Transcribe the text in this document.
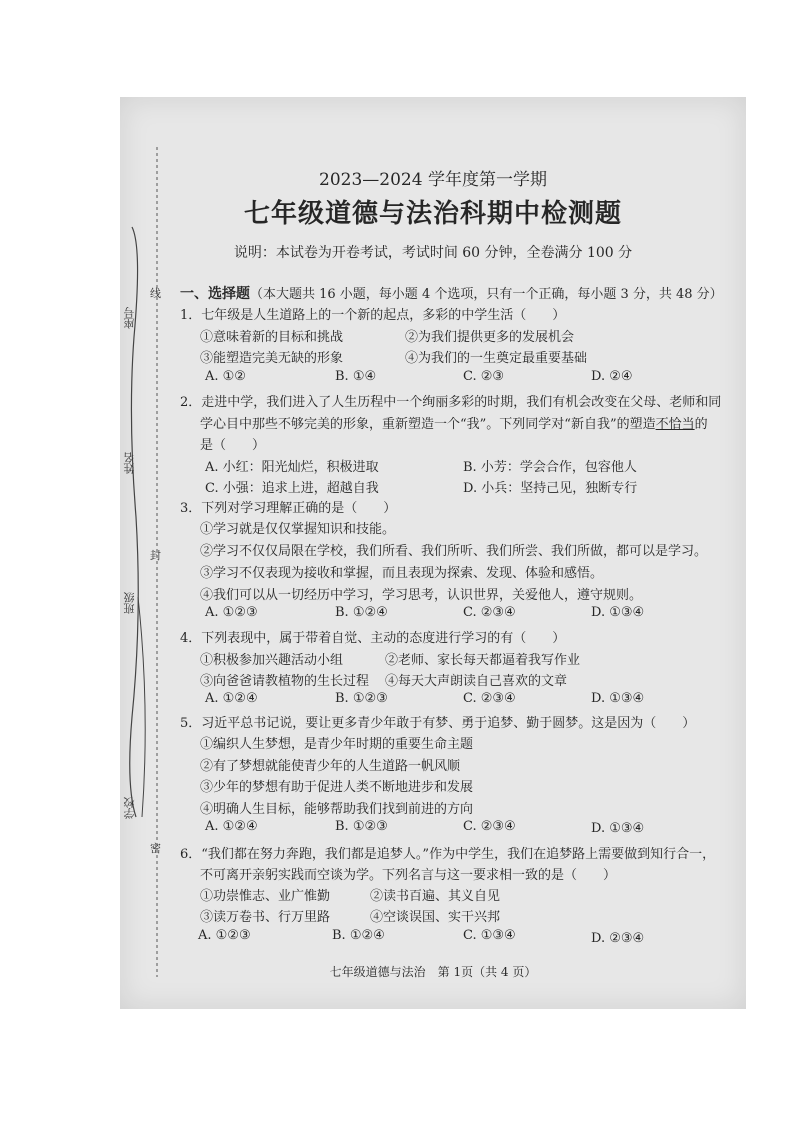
座号
姓名
班级
学校
线
封
密
2023—2024 学年度第一学期
七年级道德与法治科期中检测题
说明：本试卷为开卷考试，考试时间 60 分钟，全卷满分 100 分
一、选择题（本大题共 16 小题，每小题 4 个选项，只有一个正确，每小题 3 分，共 48 分）
1．七年级是人生道路上的一个新的起点，多彩的中学生活（　　）
①意味着新的目标和挑战	②为我们提供更多的发展机会
③能塑造完美无缺的形象	④为我们的一生奠定最重要基础
A. ①②	B. ①④	C. ②③	D. ②④
2．走进中学，我们进入了人生历程中一个绚丽多彩的时期，我们有机会改变在父母、老师和同
学心目中那些不够完美的形象，重新塑造一个“我”。下列同学对“新自我”的塑造不恰当的
是（　　）
A. 小红：阳光灿烂，积极进取	B. 小芳：学会合作，包容他人
C. 小强：追求上进，超越自我	D. 小兵：坚持己见，独断专行
3．下列对学习理解正确的是（　　）
①学习就是仅仅掌握知识和技能。
②学习不仅仅局限在学校，我们所看、我们所听、我们所尝、我们所做，都可以是学习。
③学习不仅表现为接收和掌握，而且表现为探索、发现、体验和感悟。
④我们可以从一切经历中学习，学习思考，认识世界，关爱他人，遵守规则。
A. ①②③	B. ①②④	C. ②③④	D. ①③④
4．下列表现中，属于带着自觉、主动的态度进行学习的有（　　）
①积极参加兴趣活动小组	②老师、家长每天都逼着我写作业
③向爸爸请教植物的生长过程 ④每天大声朗读自己喜欢的文章
A. ①②④	B. ①②③	C. ②③④	D. ①③④
5．习近平总书记说，要让更多青少年敢于有梦、勇于追梦、勤于圆梦。这是因为（　　）
①编织人生梦想，是青少年时期的重要生命主题
②有了梦想就能使青少年的人生道路一帆风顺
③少年的梦想有助于促进人类不断地进步和发展
④明确人生目标，能够帮助我们找到前进的方向
A. ①②④	B. ①②③	C. ②③④	D. ①③④
6．“我们都在努力奔跑，我们都是追梦人。”作为中学生，我们在追梦路上需要做到知行合一，
不可离开亲躬实践而空谈为学。下列名言与这一要求相一致的是（　　）
①功崇惟志、业广惟勤	②读书百遍、其义自见
③读万卷书、行万里路	④空谈误国、实干兴邦
A. ①②③	B. ①②④	C. ①③④	D. ②③④
七年级道德与法治　第 1页（共 4 页）
